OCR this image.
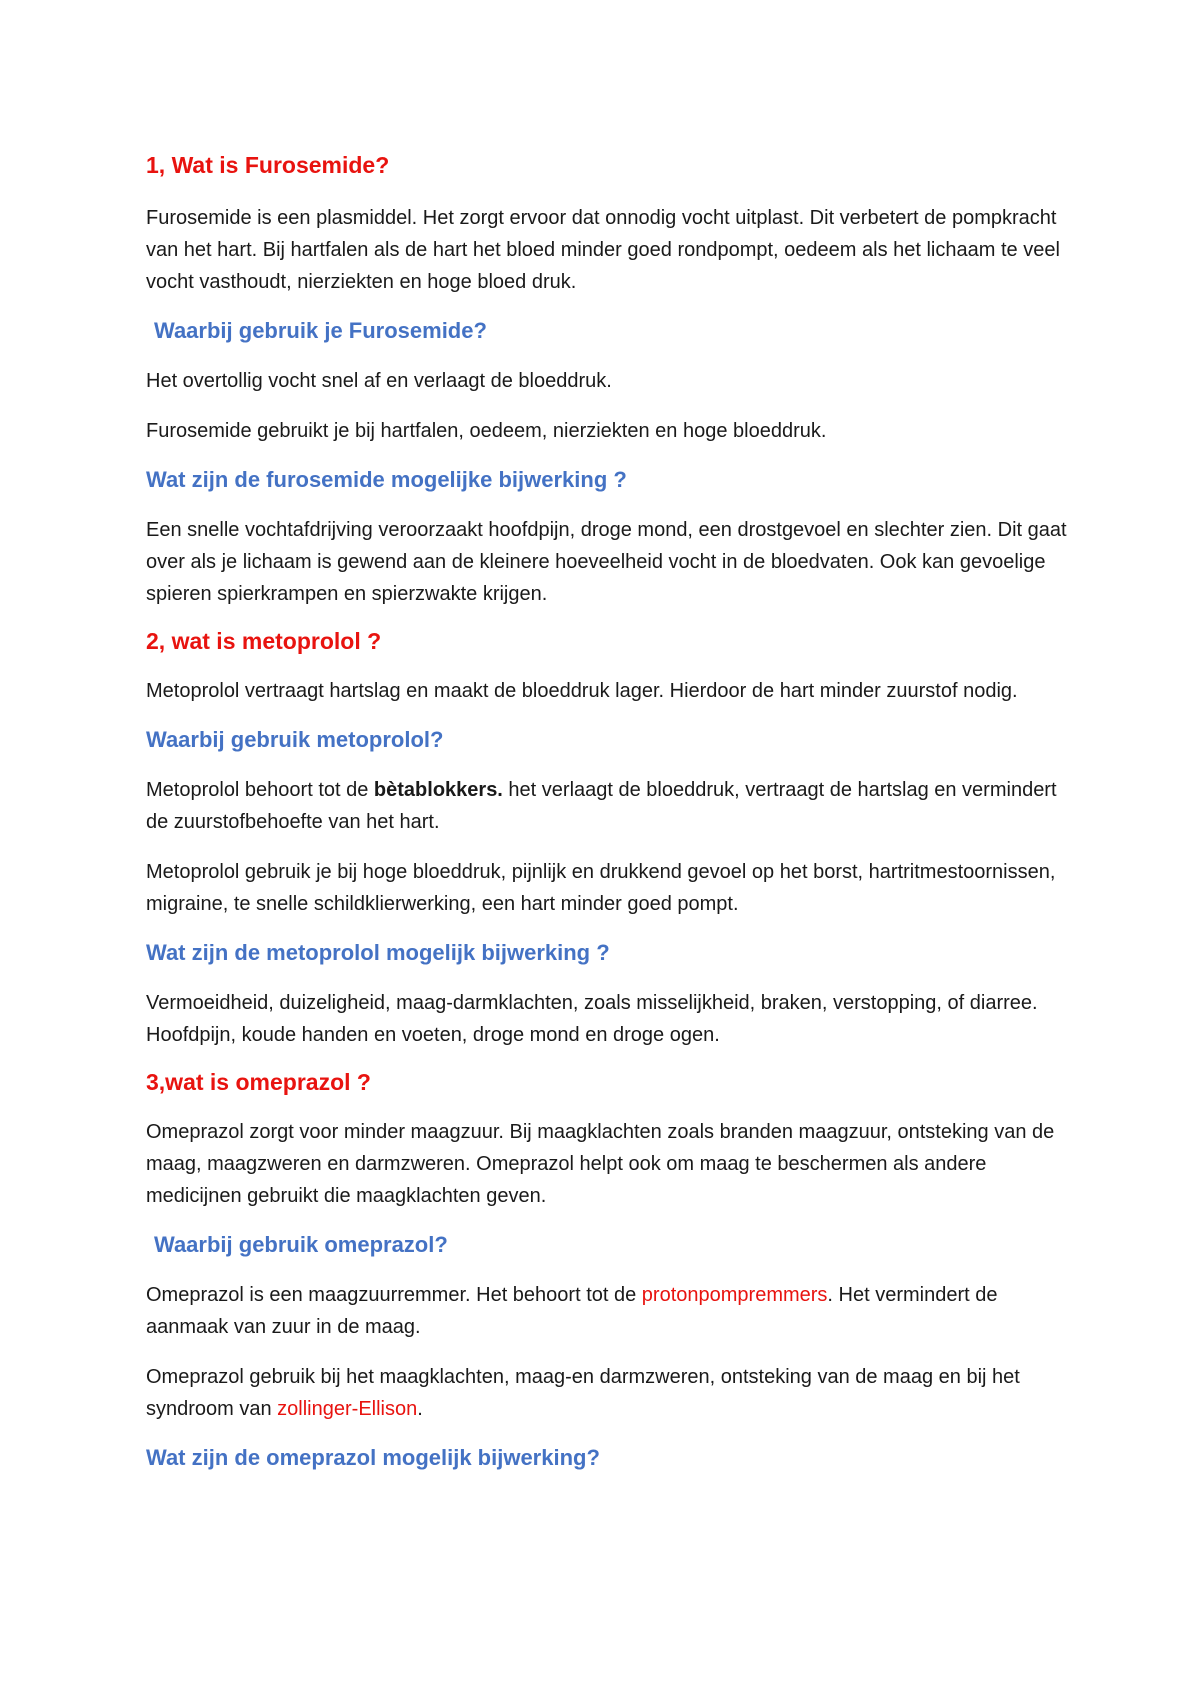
1, Wat is Furosemide?

Furosemide is een plasmiddel. Het zorgt ervoor dat onnodig vocht uitplast. Dit verbetert de pompkracht van het hart. Bij hartfalen als de hart het bloed minder goed rondpompt, oedeem als het lichaam te veel vocht vasthoudt, nierziekten en hoge bloed druk.

Waarbij gebruik je Furosemide?

Het overtollig vocht snel af en verlaagt de bloeddruk.

Furosemide gebruikt je bij hartfalen, oedeem, nierziekten en hoge bloeddruk.

Wat zijn de furosemide mogelijke bijwerking ?

Een snelle vochtafdrijving veroorzaakt hoofdpijn, droge mond, een drostgevoel en slechter zien. Dit gaat over als je lichaam is gewend aan de kleinere hoeveelheid vocht in de bloedvaten. Ook kan gevoelige spieren spierkrampen en spierzwakte krijgen.

2, wat is metoprolol ?

Metoprolol vertraagt hartslag en maakt de bloeddruk lager. Hierdoor de hart minder zuurstof nodig.

Waarbij gebruik metoprolol?

Metoprolol behoort tot de bètablokkers. het verlaagt de bloeddruk, vertraagt de hartslag en vermindert de zuurstofbehoefte van het hart.

Metoprolol gebruik je bij hoge bloeddruk, pijnlijk en drukkend gevoel op het borst, hartritmestoornissen, migraine, te snelle schildklierwerking, een hart minder goed pompt.

Wat zijn de metoprolol mogelijk bijwerking ?

Vermoeidheid, duizeligheid, maag-darmklachten, zoals misselijkheid, braken, verstopping, of diarree. Hoofdpijn, koude handen en voeten, droge mond en droge ogen.

3,wat is omeprazol ?

Omeprazol zorgt voor minder maagzuur. Bij maagklachten zoals branden maagzuur, ontsteking van de maag, maagzweren en darmzweren. Omeprazol helpt ook om maag te beschermen als andere medicijnen gebruikt die maagklachten geven.

Waarbij gebruik omeprazol?

Omeprazol is een maagzuurremmer. Het behoort tot de protonpompremmers. Het vermindert de aanmaak van zuur in de maag.

Omeprazol gebruik bij het maagklachten, maag-en darmzweren, ontsteking van de maag en bij het syndroom van zollinger-Ellison.

Wat zijn de omeprazol mogelijk bijwerking?
